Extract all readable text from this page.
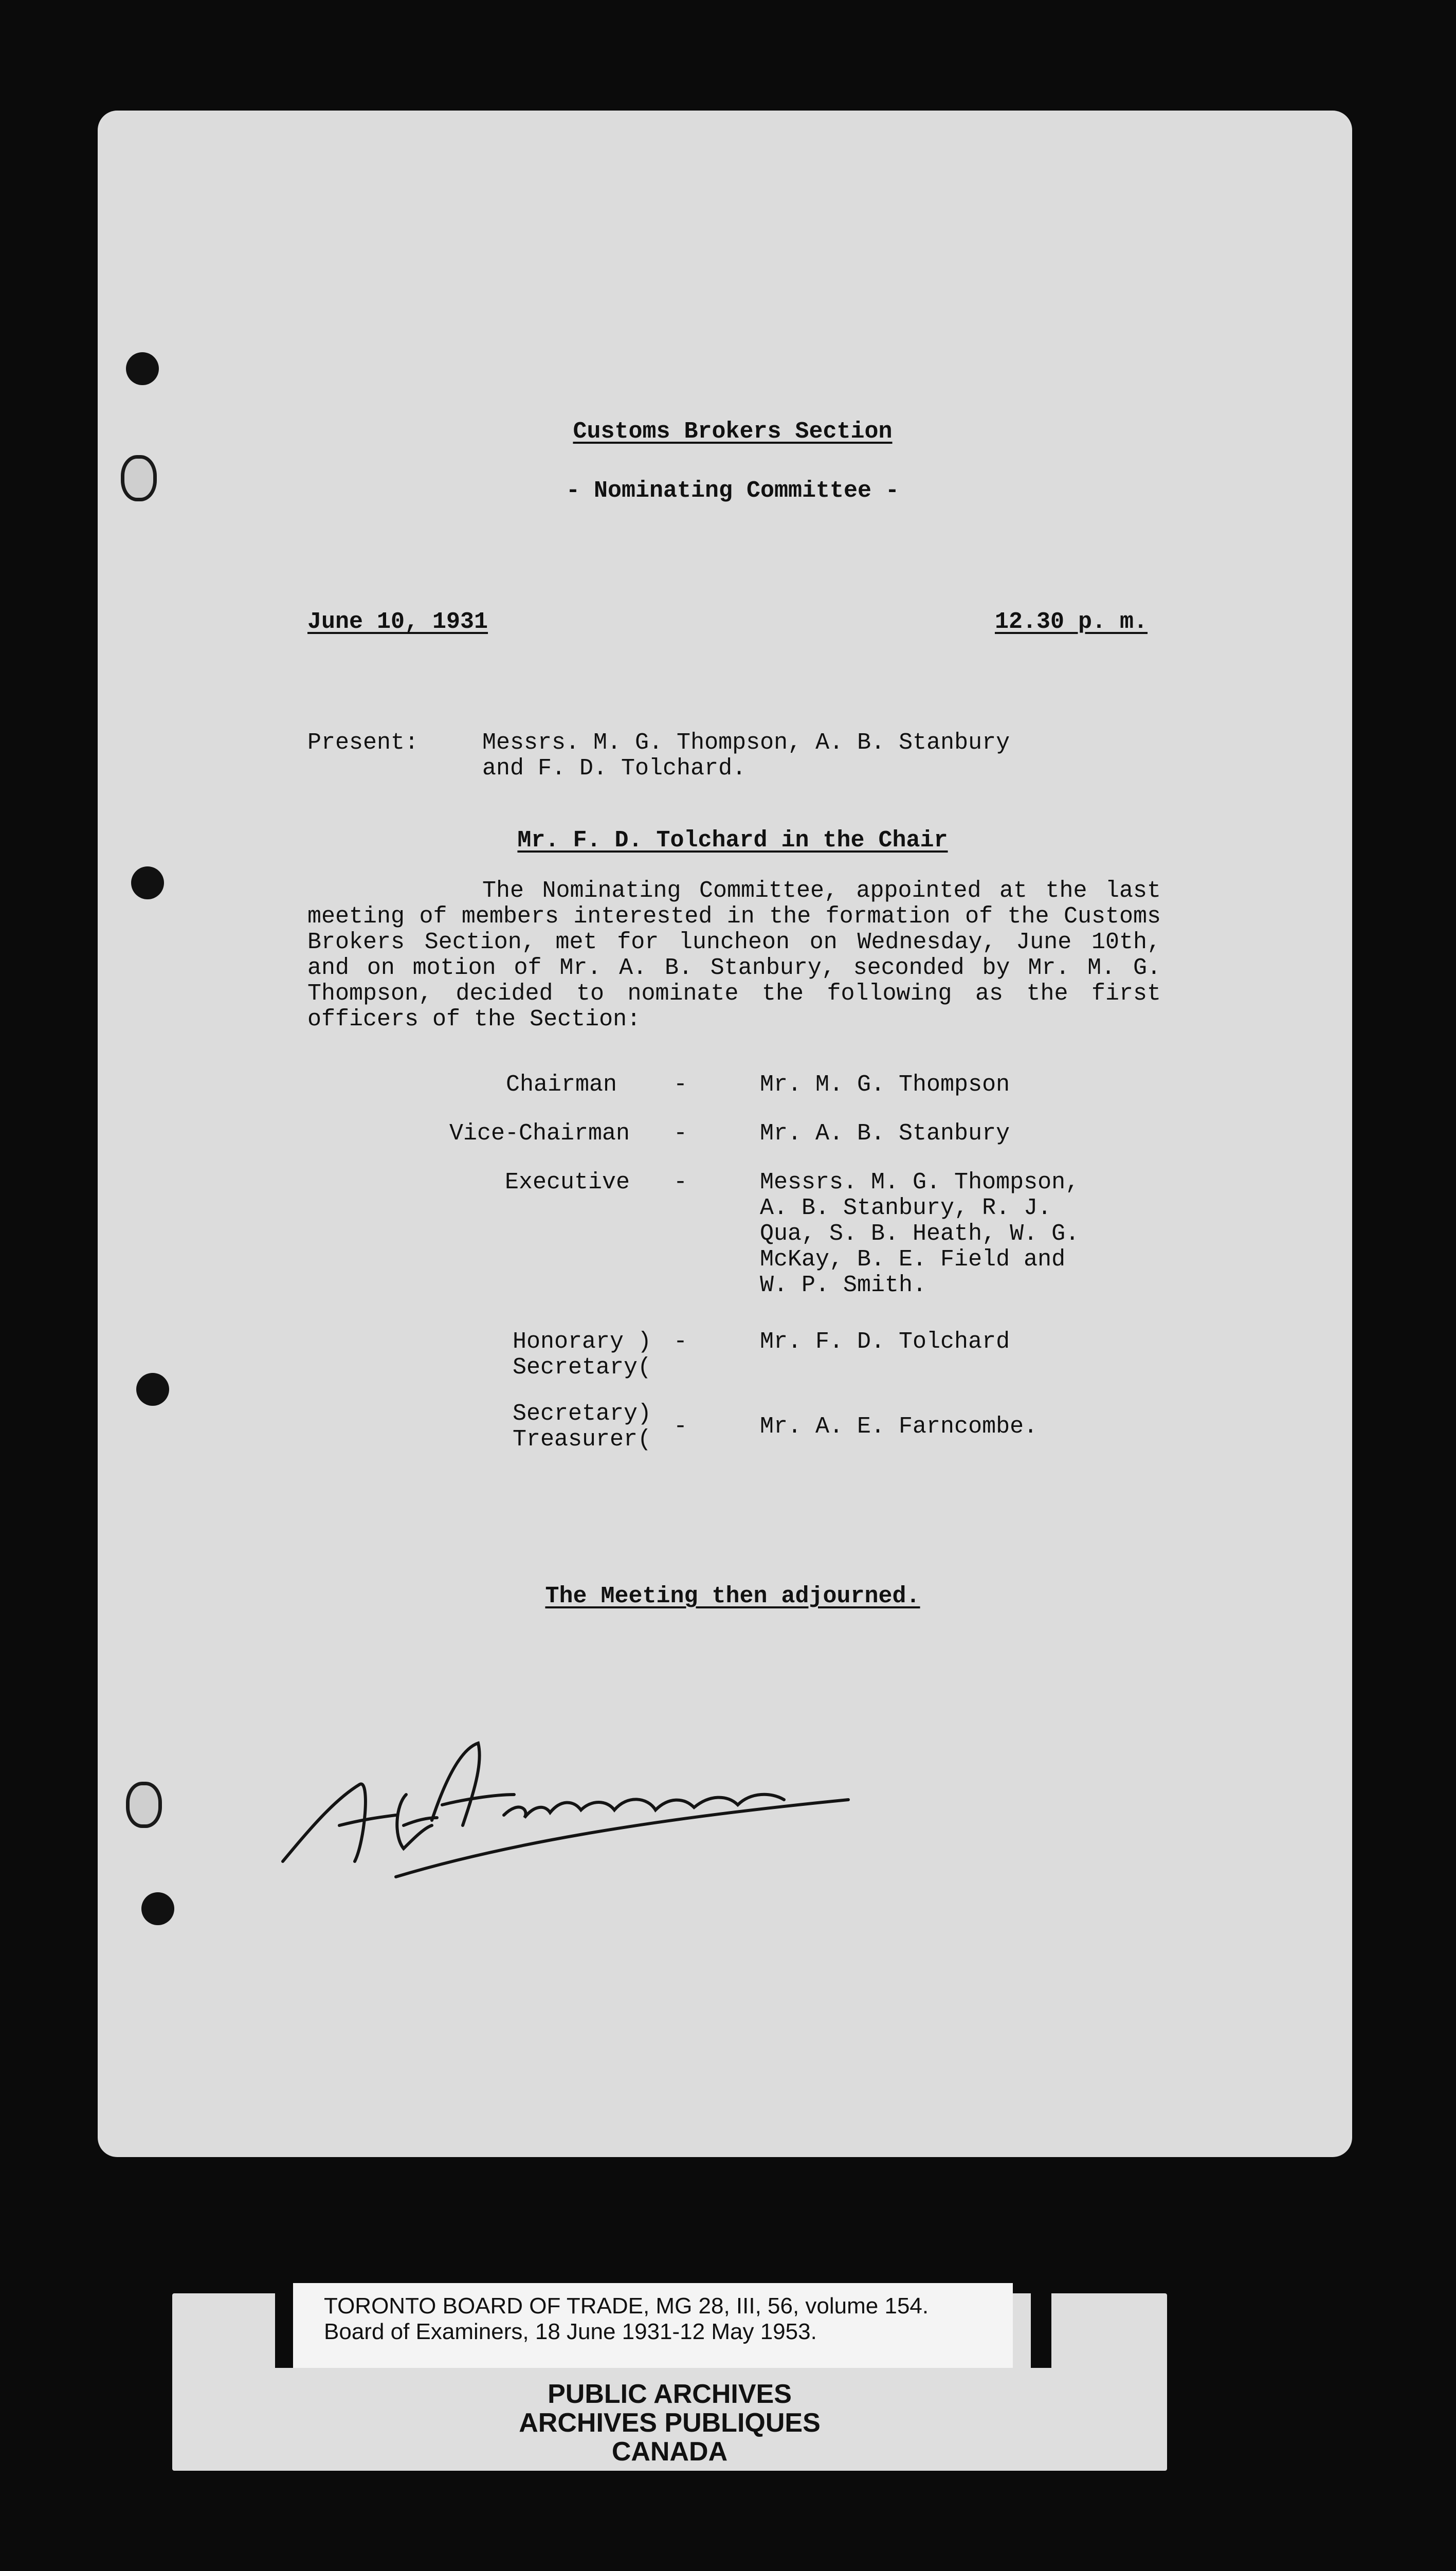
Customs Brokers Section
- Nominating Committee -
June 10, 1931	12.30 p. m.
Present:	Messrs. M. G. Thompson, A. B. Stanbury
and F. D. Tolchard.
Mr. F. D. Tolchard in the Chair

The Nominating Committee, appointed at the last meeting of members interested in the formation of the Customs Brokers Section, met for luncheon on Wednesday, June 10th, and on motion of Mr. A. B. Stanbury, seconded by Mr. M. G. Thompson, decided to nominate the following as the first officers of the Section:

Chairman -	Mr. M. G. Thompson
Vice-Chairman -	Mr. A. B. Stanbury
Executive -	Messrs. M. G. Thompson,
A. B. Stanbury, R. J.
Qua, S. B. Heath, W. G.
McKay, B. E. Field and
W. P. Smith.
Honorary )
Secretary(
-	Mr. F. D. Tolchard
Secretary)
Treasurer( -	Mr. A. E. Farncombe.
The Meeting then adjourned.
TORONTO BOARD OF TRADE, MG 28, III, 56, volume 154.
Board of Examiners, 18 June 1931-12 May 1953.
PUBLIC ARCHIVES
ARCHIVES PUBLIQUES
CANADA
